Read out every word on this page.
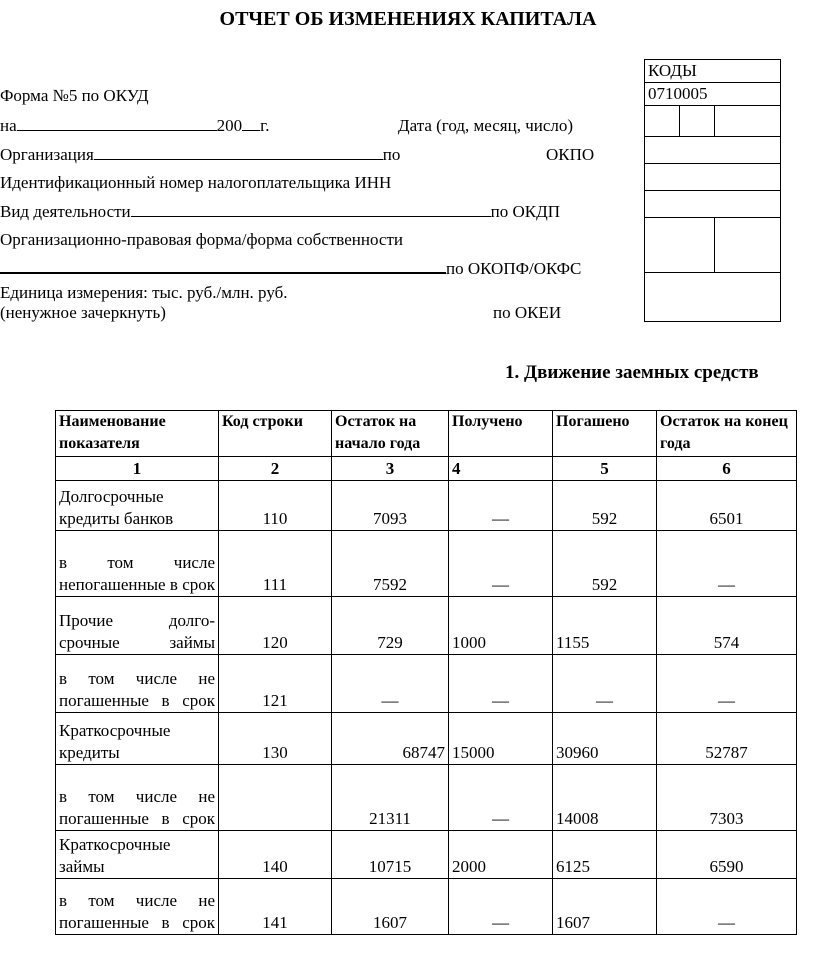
ОТЧЕТ ОБ ИЗМЕНЕНИЯХ КАПИТАЛА
Форма №5 по ОКУД
на	200 г.	Дата (год, месяц, число)
Организация	по	ОКПО
Идентификационный номер налогоплательщика ИНН
Вид деятельности	по ОКДП
Организационно-правовая форма/форма собственности
по ОКОПФ/ОКФС
Единица измерения: тыс. руб./млн. руб.
(ненужное зачеркнуть)	по ОКЕИ
КОДЫ		
0710005		

1. Движение заемных средств
Наименование показателя	Код строки	Остаток на начало года	Получено	Погашено	Остаток на конец года
1	2	3	4	5	6
Долгосрочные кредиты банков	110	7093	—	592	6501
в том числе непогашенные в срок	111	7592	—	592	—
Прочие долго-срочные займы	120	729	1000	1155	574
в том числе не погашенные в срок	121	—	—	—	—
Краткосрочные кредиты	130	68747	15000	30960	52787
в том числе не погашенные в срок		21311	—	14008	7303
Краткосрочные займы	140	10715	2000	6125	6590
в том числе не погашенные в срок	141	1607	—	1607	—
